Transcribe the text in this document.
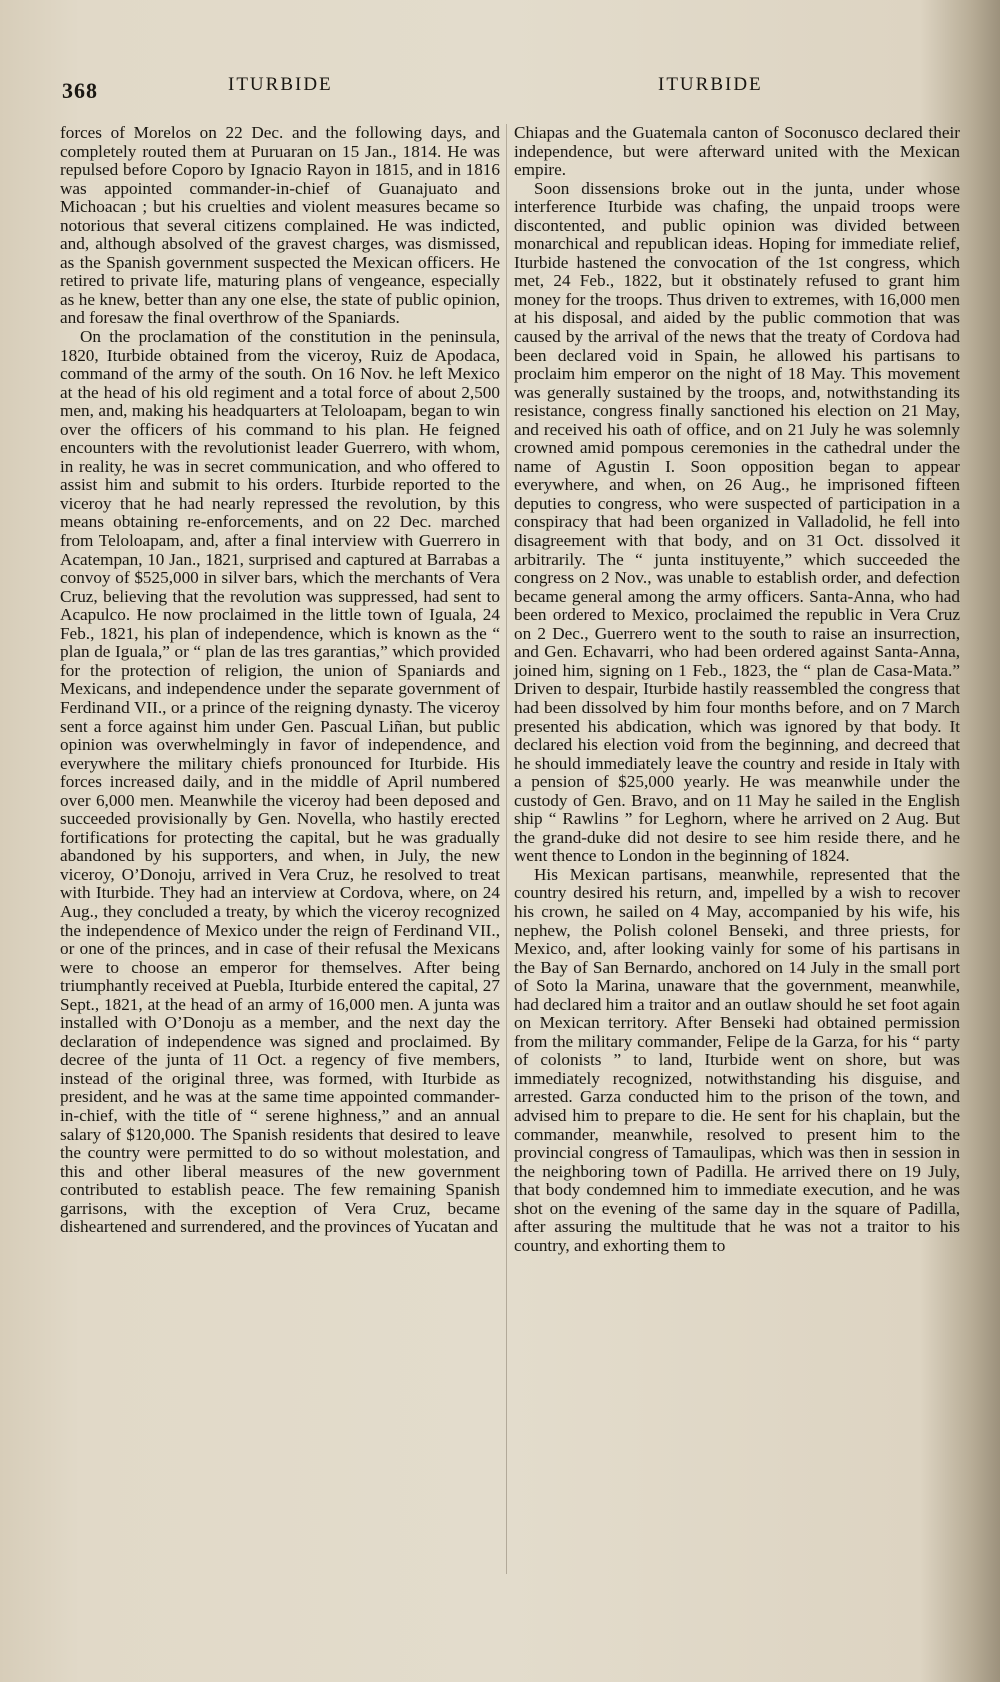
368	ITURBIDE	ITURBIDE

forces of Morelos on 22 Dec. and the following days, and completely routed them at Puruaran on 15 Jan., 1814. He was repulsed before Coporo by Ignacio Rayon in 1815, and in 1816 was appointed commander-in-chief of Guanajuato and Michoacan ; but his cruelties and violent measures became so notorious that several citizens complained. He was indicted, and, although absolved of the gravest charges, was dismissed, as the Spanish government suspected the Mexican officers. He retired to private life, maturing plans of vengeance, especially as he knew, better than any one else, the state of public opinion, and foresaw the final overthrow of the Spaniards.

On the proclamation of the constitution in the peninsula, 1820, Iturbide obtained from the viceroy, Ruiz de Apodaca, command of the army of the south. On 16 Nov. he left Mexico at the head of his old regiment and a total force of about 2,500 men, and, making his headquarters at Teloloapam, began to win over the officers of his command to his plan. He feigned encounters with the revolutionist leader Guerrero, with whom, in reality, he was in secret communication, and who offered to assist him and submit to his orders. Iturbide reported to the viceroy that he had nearly repressed the revolution, by this means obtaining re-enforcements, and on 22 Dec. marched from Teloloapam, and, after a final interview with Guerrero in Acatempan, 10 Jan., 1821, surprised and captured at Barrabas a convoy of $525,000 in silver bars, which the merchants of Vera Cruz, believing that the revolution was suppressed, had sent to Acapulco. He now proclaimed in the little town of Iguala, 24 Feb., 1821, his plan of independence, which is known as the “ plan de Iguala,” or “ plan de las tres garantias,” which provided for the protection of religion, the union of Spaniards and Mexicans, and independence under the separate government of Ferdinand VII., or a prince of the reigning dynasty. The viceroy sent a force against him under Gen. Pascual Liñan, but public opinion was overwhelmingly in favor of independence, and everywhere the military chiefs pronounced for Iturbide. His forces increased daily, and in the middle of April numbered over 6,000 men. Meanwhile the viceroy had been deposed and succeeded provisionally by Gen. Novella, who hastily erected fortifications for protecting the capital, but he was gradually abandoned by his supporters, and when, in July, the new viceroy, O’Donoju, arrived in Vera Cruz, he resolved to treat with Iturbide. They had an interview at Cordova, where, on 24 Aug., they concluded a treaty, by which the viceroy recognized the independence of Mexico under the reign of Ferdinand VII., or one of the princes, and in case of their refusal the Mexicans were to choose an emperor for themselves. After being triumphantly received at Puebla, Iturbide entered the capital, 27 Sept., 1821, at the head of an army of 16,000 men. A junta was installed with O’Donoju as a member, and the next day the declaration of independence was signed and proclaimed. By decree of the junta of 11 Oct. a regency of five members, instead of the original three, was formed, with Iturbide as president, and he was at the same time appointed commander-in-chief, with the title of “ serene highness,” and an annual salary of $120,000. The Spanish residents that desired to leave the country were permitted to do so without molestation, and this and other liberal measures of the new government contributed to establish peace. The few remaining Spanish garrisons, with the exception of Vera Cruz, became disheartened and surrendered, and the provinces of Yucatan and

Chiapas and the Guatemala canton of Soconusco declared their independence, but were afterward united with the Mexican empire.

Soon dissensions broke out in the junta, under whose interference Iturbide was chafing, the unpaid troops were discontented, and public opinion was divided between monarchical and republican ideas. Hoping for immediate relief, Iturbide hastened the convocation of the 1st congress, which met, 24 Feb., 1822, but it obstinately refused to grant him money for the troops. Thus driven to extremes, with 16,000 men at his disposal, and aided by the public commotion that was caused by the arrival of the news that the treaty of Cordova had been declared void in Spain, he allowed his partisans to proclaim him emperor on the night of 18 May. This movement was generally sustained by the troops, and, notwithstanding its resistance, congress finally sanctioned his election on 21 May, and received his oath of office, and on 21 July he was solemnly crowned amid pompous ceremonies in the cathedral under the name of Agustin I. Soon opposition began to appear everywhere, and when, on 26 Aug., he imprisoned fifteen deputies to congress, who were suspected of participation in a conspiracy that had been organized in Valladolid, he fell into disagreement with that body, and on 31 Oct. dissolved it arbitrarily. The “ junta instituyente,” which succeeded the congress on 2 Nov., was unable to establish order, and defection became general among the army officers. Santa-Anna, who had been ordered to Mexico, proclaimed the republic in Vera Cruz on 2 Dec., Guerrero went to the south to raise an insurrection, and Gen. Echavarri, who had been ordered against Santa-Anna, joined him, signing on 1 Feb., 1823, the “ plan de Casa-Mata.” Driven to despair, Iturbide hastily reassembled the congress that had been dissolved by him four months before, and on 7 March presented his abdication, which was ignored by that body. It declared his election void from the beginning, and decreed that he should immediately leave the country and reside in Italy with a pension of $25,000 yearly. He was meanwhile under the custody of Gen. Bravo, and on 11 May he sailed in the English ship “ Rawlins ” for Leghorn, where he arrived on 2 Aug. But the grand-duke did not desire to see him reside there, and he went thence to London in the beginning of 1824.

His Mexican partisans, meanwhile, represented that the country desired his return, and, impelled by a wish to recover his crown, he sailed on 4 May, accompanied by his wife, his nephew, the Polish colonel Benseki, and three priests, for Mexico, and, after looking vainly for some of his partisans in the Bay of San Bernardo, anchored on 14 July in the small port of Soto la Marina, unaware that the government, meanwhile, had declared him a traitor and an outlaw should he set foot again on Mexican territory. After Benseki had obtained permission from the military commander, Felipe de la Garza, for his “ party of colonists ” to land, Iturbide went on shore, but was immediately recognized, notwithstanding his disguise, and arrested. Garza conducted him to the prison of the town, and advised him to prepare to die. He sent for his chaplain, but the commander, meanwhile, resolved to present him to the provincial congress of Tamaulipas, which was then in session in the neighboring town of Padilla. He arrived there on 19 July, that body condemned him to immediate execution, and he was shot on the evening of the same day in the square of Padilla, after assuring the multitude that he was not a traitor to his country, and exhorting them to
